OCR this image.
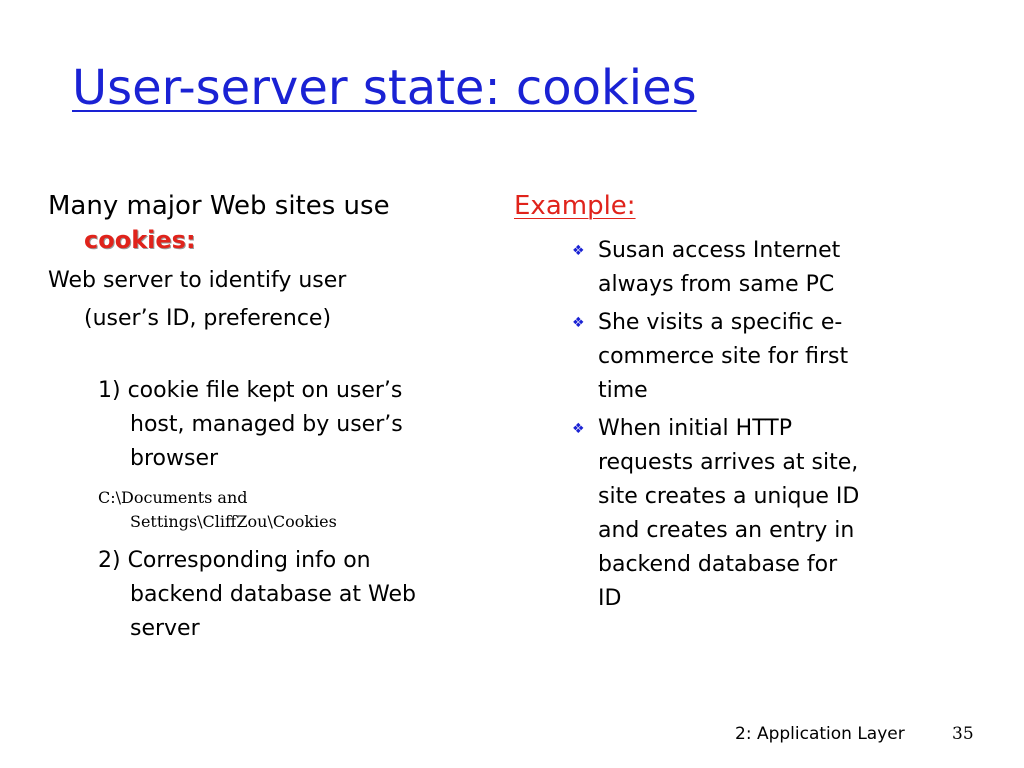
User-server state: cookies

Many major Web sites use
cookies:

Web server to identify user

(user’s ID, preference)

1) cookie file kept on user’s
host, managed by user’s
browser

C:\Documents and
Settings\CliffZou\Cookies

2) Corresponding info on
backend database at Web
server

Example:

❖ Susan access Internet
always from same PC
❖ She visits a specific e-
commerce site for first
time
❖ When initial HTTP
requests arrives at site,
site creates a unique ID
and creates an entry in
backend database for
ID
2: Application Layer	35
